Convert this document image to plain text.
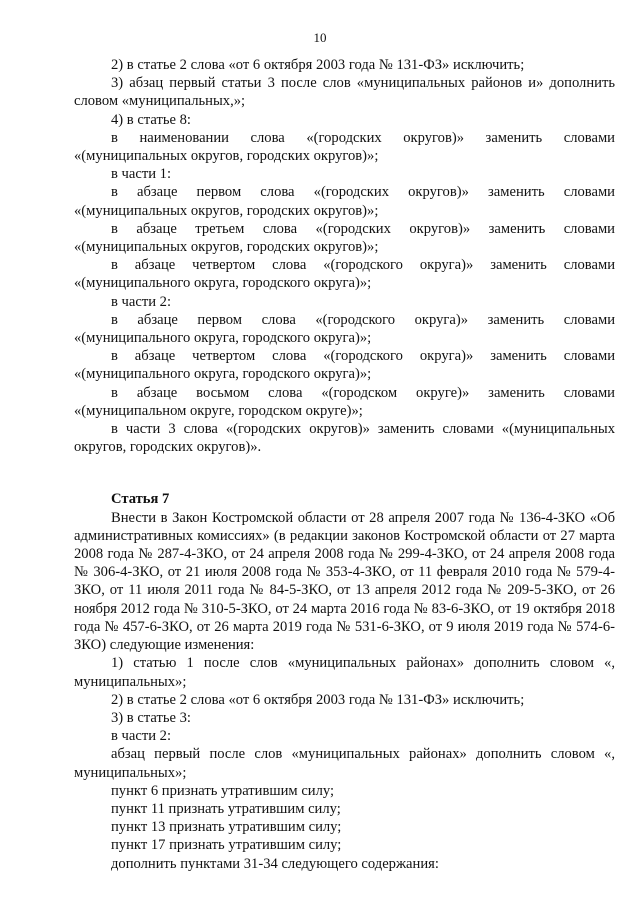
10

2) в статье 2 слова «от 6 октября 2003 года № 131-ФЗ» исключить;

3) абзац первый статьи 3 после слов «муниципальных районов и» дополнить словом «муниципальных,»;

4) в статье 8:

в наименовании слова «(городских округов)» заменить словами «(муниципальных округов, городских округов)»;

в части 1:

в абзаце первом слова «(городских округов)» заменить словами «(муниципальных округов, городских округов)»;

в абзаце третьем слова «(городских округов)» заменить словами «(муниципальных округов, городских округов)»;

в абзаце четвертом слова «(городского округа)» заменить словами «(муниципального округа, городского округа)»;

в части 2:

в абзаце первом слова «(городского округа)» заменить словами «(муниципального округа, городского округа)»;

в абзаце четвертом слова «(городского округа)» заменить словами «(муниципального округа, городского округа)»;

в абзаце восьмом слова «(городском округе)» заменить словами «(муниципальном округе, городском округе)»;

в части 3 слова «(городских округов)» заменить словами «(муниципальных округов, городских округов)».

Статья 7

Внести в Закон Костромской области от 28 апреля 2007 года № 136-4-ЗКО «Об административных комиссиях» (в редакции законов Костромской области от 27 марта 2008 года № 287-4-ЗКО, от 24 апреля 2008 года № 299-4-ЗКО, от 24 апреля 2008 года № 306-4-ЗКО, от 21 июля 2008 года № 353-4-ЗКО, от 11 февраля 2010 года № 579-4-ЗКО, от 11 июля 2011 года № 84-5-ЗКО, от 13 апреля 2012 года № 209-5-ЗКО, от 26 ноября 2012 года № 310-5-ЗКО, от 24 марта 2016 года № 83-6-ЗКО, от 19 октября 2018 года № 457-6-ЗКО, от 26 марта 2019 года № 531-6-ЗКО, от 9 июля 2019 года № 574-6-ЗКО) следующие изменения:

1) статью 1 после слов «муниципальных районах» дополнить словом «, муниципальных»;

2) в статье 2 слова «от 6 октября 2003 года № 131-ФЗ» исключить;

3) в статье 3:

в части 2:

абзац первый после слов «муниципальных районах» дополнить словом «, муниципальных»;

пункт 6 признать утратившим силу;

пункт 11 признать утратившим силу;

пункт 13 признать утратившим силу;

пункт 17 признать утратившим силу;

дополнить пунктами 31-34 следующего содержания:
